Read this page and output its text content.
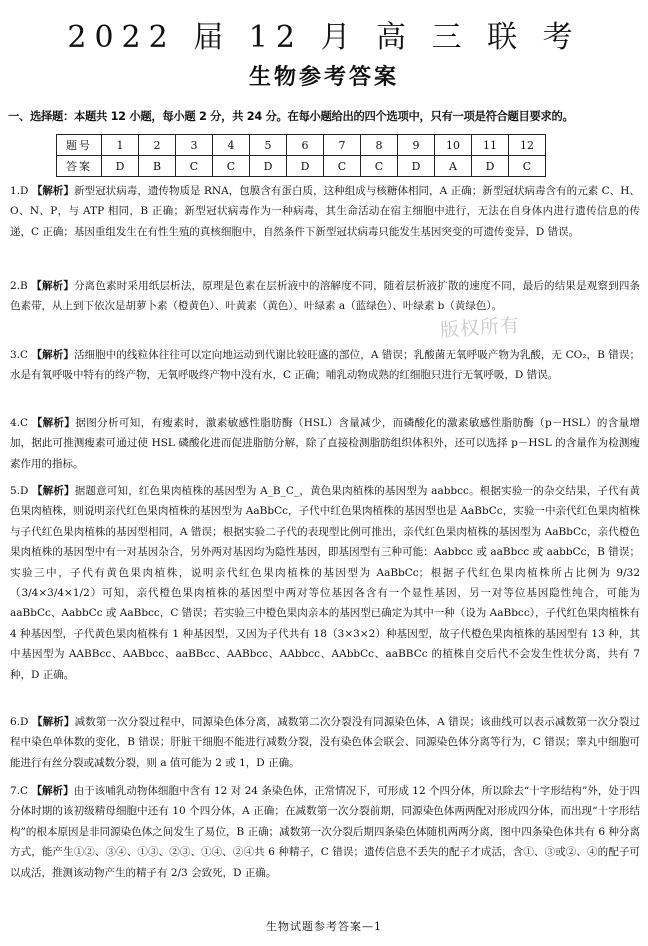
2022 届 12 月 高 三 联 考
生物参考答案
一、选择题：本题共 12 小题，每小题 2 分，共 24 分。在每小题给出的四个选项中，只有一项是符合题目要求的。
题号	1	2	3	4	5	6	7	8	9	10	11	12
答案	D	B	C	C	D	D	C	C	D	A	D	C
1.D 【解析】新型冠状病毒，遗传物质是 RNA，包膜含有蛋白质，这种组成与核糖体相同，A 正确；新型冠状病毒含有的元素 C、H、O、N、P，与 ATP 相同，B 正确；新型冠状病毒作为一种病毒，其生命活动在宿主细胞中进行，无法在自身体内进行遗传信息的传递，C 正确；基因重组发生在有性生殖的真核细胞中，自然条件下新型冠状病毒只能发生基因突变的可遗传变异，D 错误。
2.B 【解析】分离色素时采用纸层析法，原理是色素在层析液中的溶解度不同，随着层析液扩散的速度不同，最后的结果是观察到四条色素带，从上到下依次是胡萝卜素（橙黄色）、叶黄素（黄色）、叶绿素 a（蓝绿色）、叶绿素 b（黄绿色）。
版权所有
3.C 【解析】活细胞中的线粒体往往可以定向地运动到代谢比较旺盛的部位，A 错误；乳酸菌无氧呼吸产物为乳酸，无 CO₂，B 错误；水是有氧呼吸中特有的终产物，无氧呼吸终产物中没有水，C 正确；哺乳动物成熟的红细胞只进行无氧呼吸，D 错误。
4.C 【解析】据图分析可知，有瘦素时，激素敏感性脂肪酶（HSL）含量减少，而磷酸化的激素敏感性脂肪酶（p－HSL）的含量增加，据此可推测瘦素可通过使 HSL 磷酸化进而促进脂肪分解，除了直接检测脂肪组织体积外，还可以选择 p－HSL 的含量作为检测瘦素作用的指标。
5.D 【解析】据题意可知，红色果肉植株的基因型为 A_B_C_，黄色果肉植株的基因型为 aabbcc。根据实验一的杂交结果，子代有黄色果肉植株，则说明亲代红色果肉植株的基因型为 AaBbCc，子代中红色果肉植株的基因型也是 AaBbCc，实验一中亲代红色果肉植株与子代红色果肉植株的基因型相同，A 错误；根据实验二子代的表现型比例可推出，亲代红色果肉植株的基因型为 AaBbCc，亲代橙色果肉植株的基因型中有一对基因杂合，另外两对基因均为隐性基因，即基因型有三种可能：Aabbcc 或 aaBbcc 或 aabbCc，B 错误；实验三中，子代有黄色果肉植株，说明亲代红色果肉植株的基因型为 AaBbCc；根据子代红色果肉植株所占比例为 9/32（3/4×3/4×1/2）可知，亲代橙色果肉植株的基因型中两对等位基因各含有一个显性基因，另一对等位基因隐性纯合，可能为 aaBbCc、AabbCc 或 AaBbcc，C 错误；若实验三中橙色果肉亲本的基因型已确定为其中一种（设为 AaBbcc），子代红色果肉植株有 4 种基因型，子代黄色果肉植株有 1 种基因型，又因为子代共有 18（3×3×2）种基因型，故子代橙色果肉植株的基因型有 13 种，其中基因型为 AABBcc、AABbcc、aaBBcc、AABbcc、AAbbcc、AAbbCc、aaBBCc 的植株自交后代不会发生性状分离，共有 7 种，D 正确。
6.D 【解析】减数第一次分裂过程中，同源染色体分离，减数第二次分裂没有同源染色体，A 错误；该曲线可以表示减数第一次分裂过程中染色单体数的变化，B 错误；肝脏干细胞不能进行减数分裂，没有染色体会联会、同源染色体分离等行为，C 错误；睾丸中细胞可能进行有丝分裂或减数分裂，则 a 值可能为 2 或 1，D 正确。
7.C 【解析】由于该哺乳动物体细胞中含有 12 对 24 条染色体，正常情况下，可形成 12 个四分体，所以除去“十字形结构”外，处于四分体时期的该初级精母细胞中还有 10 个四分体，A 正确；在减数第一次分裂前期，同源染色体两两配对形成四分体，而出现“十字形结构”的根本原因是非同源染色体之间发生了易位，B 正确；减数第一次分裂后期四条染色体随机两两分离，图中四条染色体共有 6 种分离方式，能产生①②、③④、①③、②③、①④、②④共 6 种精子，C 错误；遗传信息不丢失的配子才成活，含①、③或②、④的配子可以成活，推测该动物产生的精子有 2/3 会致死，D 正确。
生物试题参考答案—1
